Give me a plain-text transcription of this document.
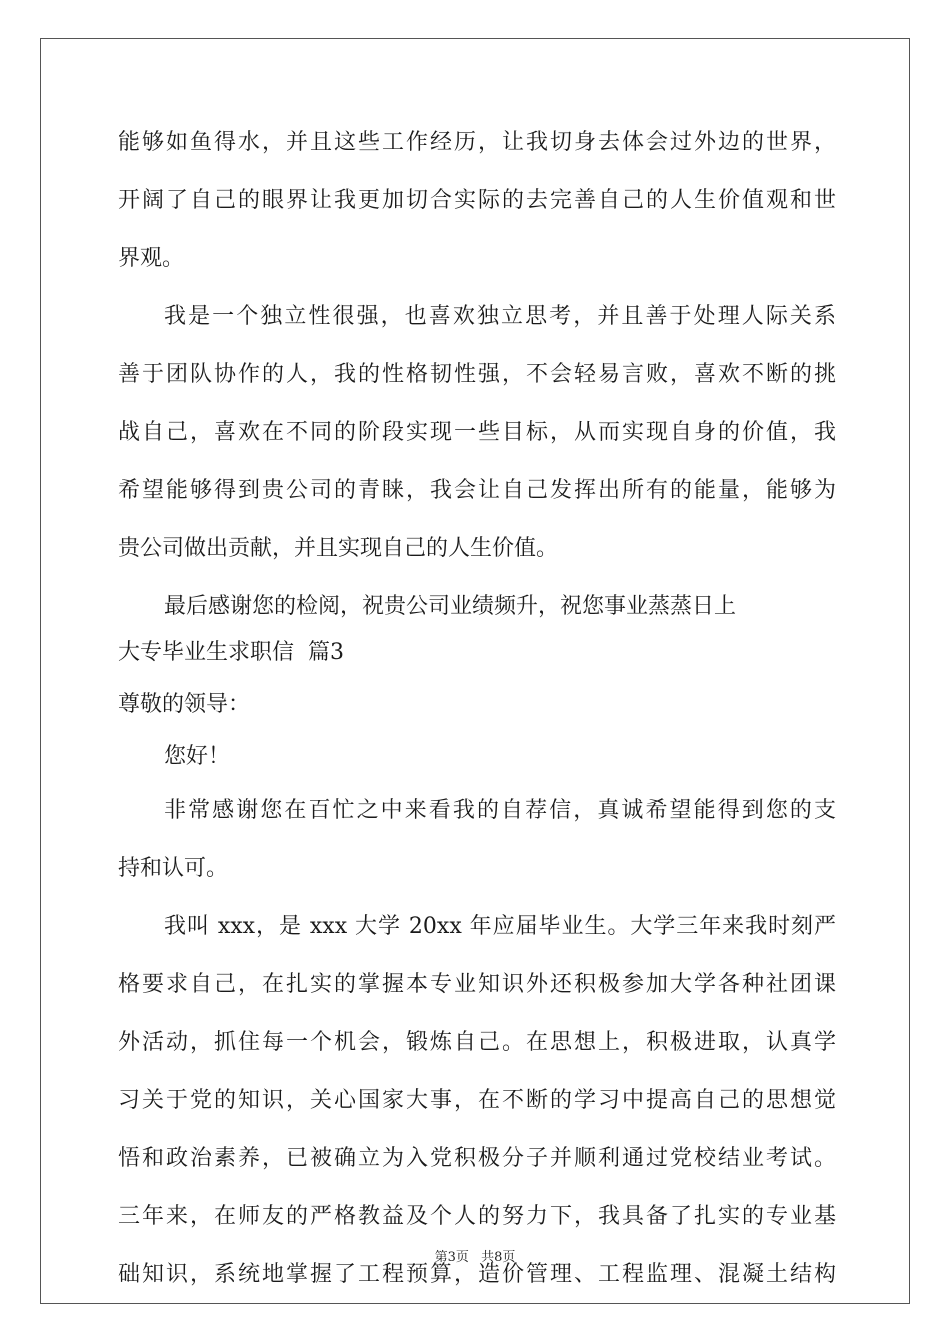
能够如鱼得水，并且这些工作经历，让我切身去体会过外边的世界，
开阔了自己的眼界让我更加切合实际的去完善自己的人生价值观和世
界观。
我是一个独立性很强，也喜欢独立思考，并且善于处理人际关系
善于团队协作的人，我的性格韧性强，不会轻易言败，喜欢不断的挑
战自己，喜欢在不同的阶段实现一些目标，从而实现自身的价值，我
希望能够得到贵公司的青睐，我会让自己发挥出所有的能量，能够为
贵公司做出贡献，并且实现自己的人生价值。
最后感谢您的检阅，祝贵公司业绩频升，祝您事业蒸蒸日上
大专毕业生求职信  篇3
尊敬的领导：
您好！
非常感谢您在百忙之中来看我的自荐信，真诚希望能得到您的支
持和认可。
我叫 xxx，是 xxx 大学 20xx 年应届毕业生。大学三年来我时刻严
格要求自己，在扎实的掌握本专业知识外还积极参加大学各种社团课
外活动，抓住每一个机会，锻炼自己。在思想上，积极进取，认真学
习关于党的知识，关心国家大事，在不断的学习中提高自己的思想觉
悟和政治素养，已被确立为入党积极分子并顺利通过党校结业考试。
三年来，在师友的严格教益及个人的努力下，我具备了扎实的专业基
础知识，系统地掌握了工程预算，造价管理、工程监理、混凝土结构
第3页 共8页
